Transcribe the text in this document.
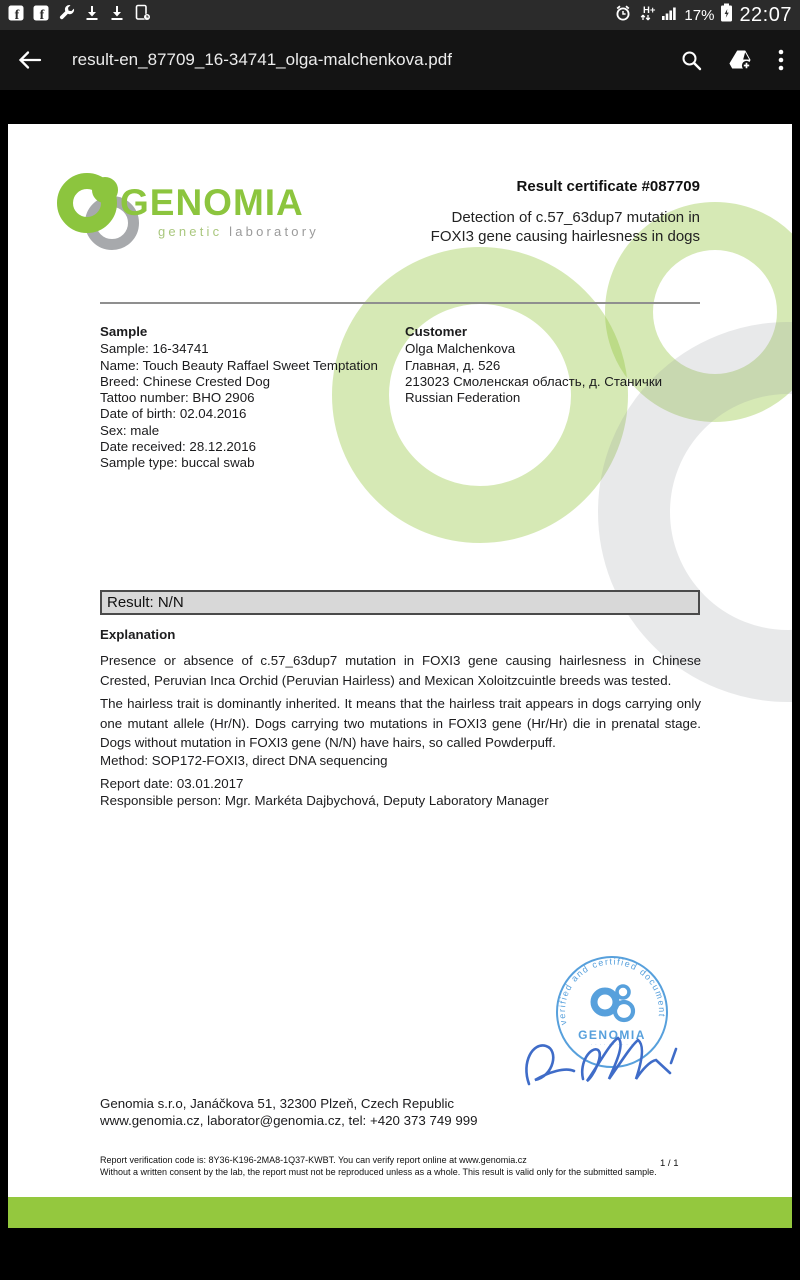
f f	H+ 17% 22:07
result-en_87709_16-34741_olga-malchenkova.pdf
GENOMIA
genetic laboratory
Result certificate #087709
Detection of c.57_63dup7 mutation in
FOXI3 gene causing hairlesness in dogs
Sample
Sample: 16-34741
Name: Touch Beauty Raffael Sweet Temptation
Breed: Chinese Crested Dog
Tattoo number: BHO 2906
Date of birth: 02.04.2016
Sex: male
Date received: 28.12.2016
Sample type: buccal swab
Customer
Olga Malchenkova
Главная, д. 526
213023 Смоленская область, д. Станички
Russian Federation
Result: N/N
Explanation
Presence or absence of c.57_63dup7 mutation in FOXI3 gene causing hairlesness in Chinese Crested, Peruvian Inca Orchid (Peruvian Hairless) and Mexican Xoloitzcuintle breeds was tested.
The hairless trait is dominantly inherited. It means that the hairless trait appears in dogs carrying only one mutant allele (Hr/N). Dogs carrying two mutations in FOXI3 gene (Hr/Hr) die in prenatal stage. Dogs without mutation in FOXI3 gene (N/N) have hairs, so called Powderpuff.
Method: SOP172-FOXI3, direct DNA sequencing
Report date: 03.01.2017
Responsible person: Mgr. Markéta Dajbychová, Deputy Laboratory Manager
verified and certified document
GENOMIA
· · · · · · · · · ·
Genomia s.r.o, Janáčkova 51, 32300 Plzeň, Czech Republic
www.genomia.cz, laborator@genomia.cz, tel: +420 373 749 999
Report verification code is: 8Y36-K196-2MA8-1Q37-KWBT. You can verify report online at www.genomia.cz
Without a written consent by the lab, the report must not be reproduced unless as a whole. This result is valid only for the submitted sample.
1 / 1
